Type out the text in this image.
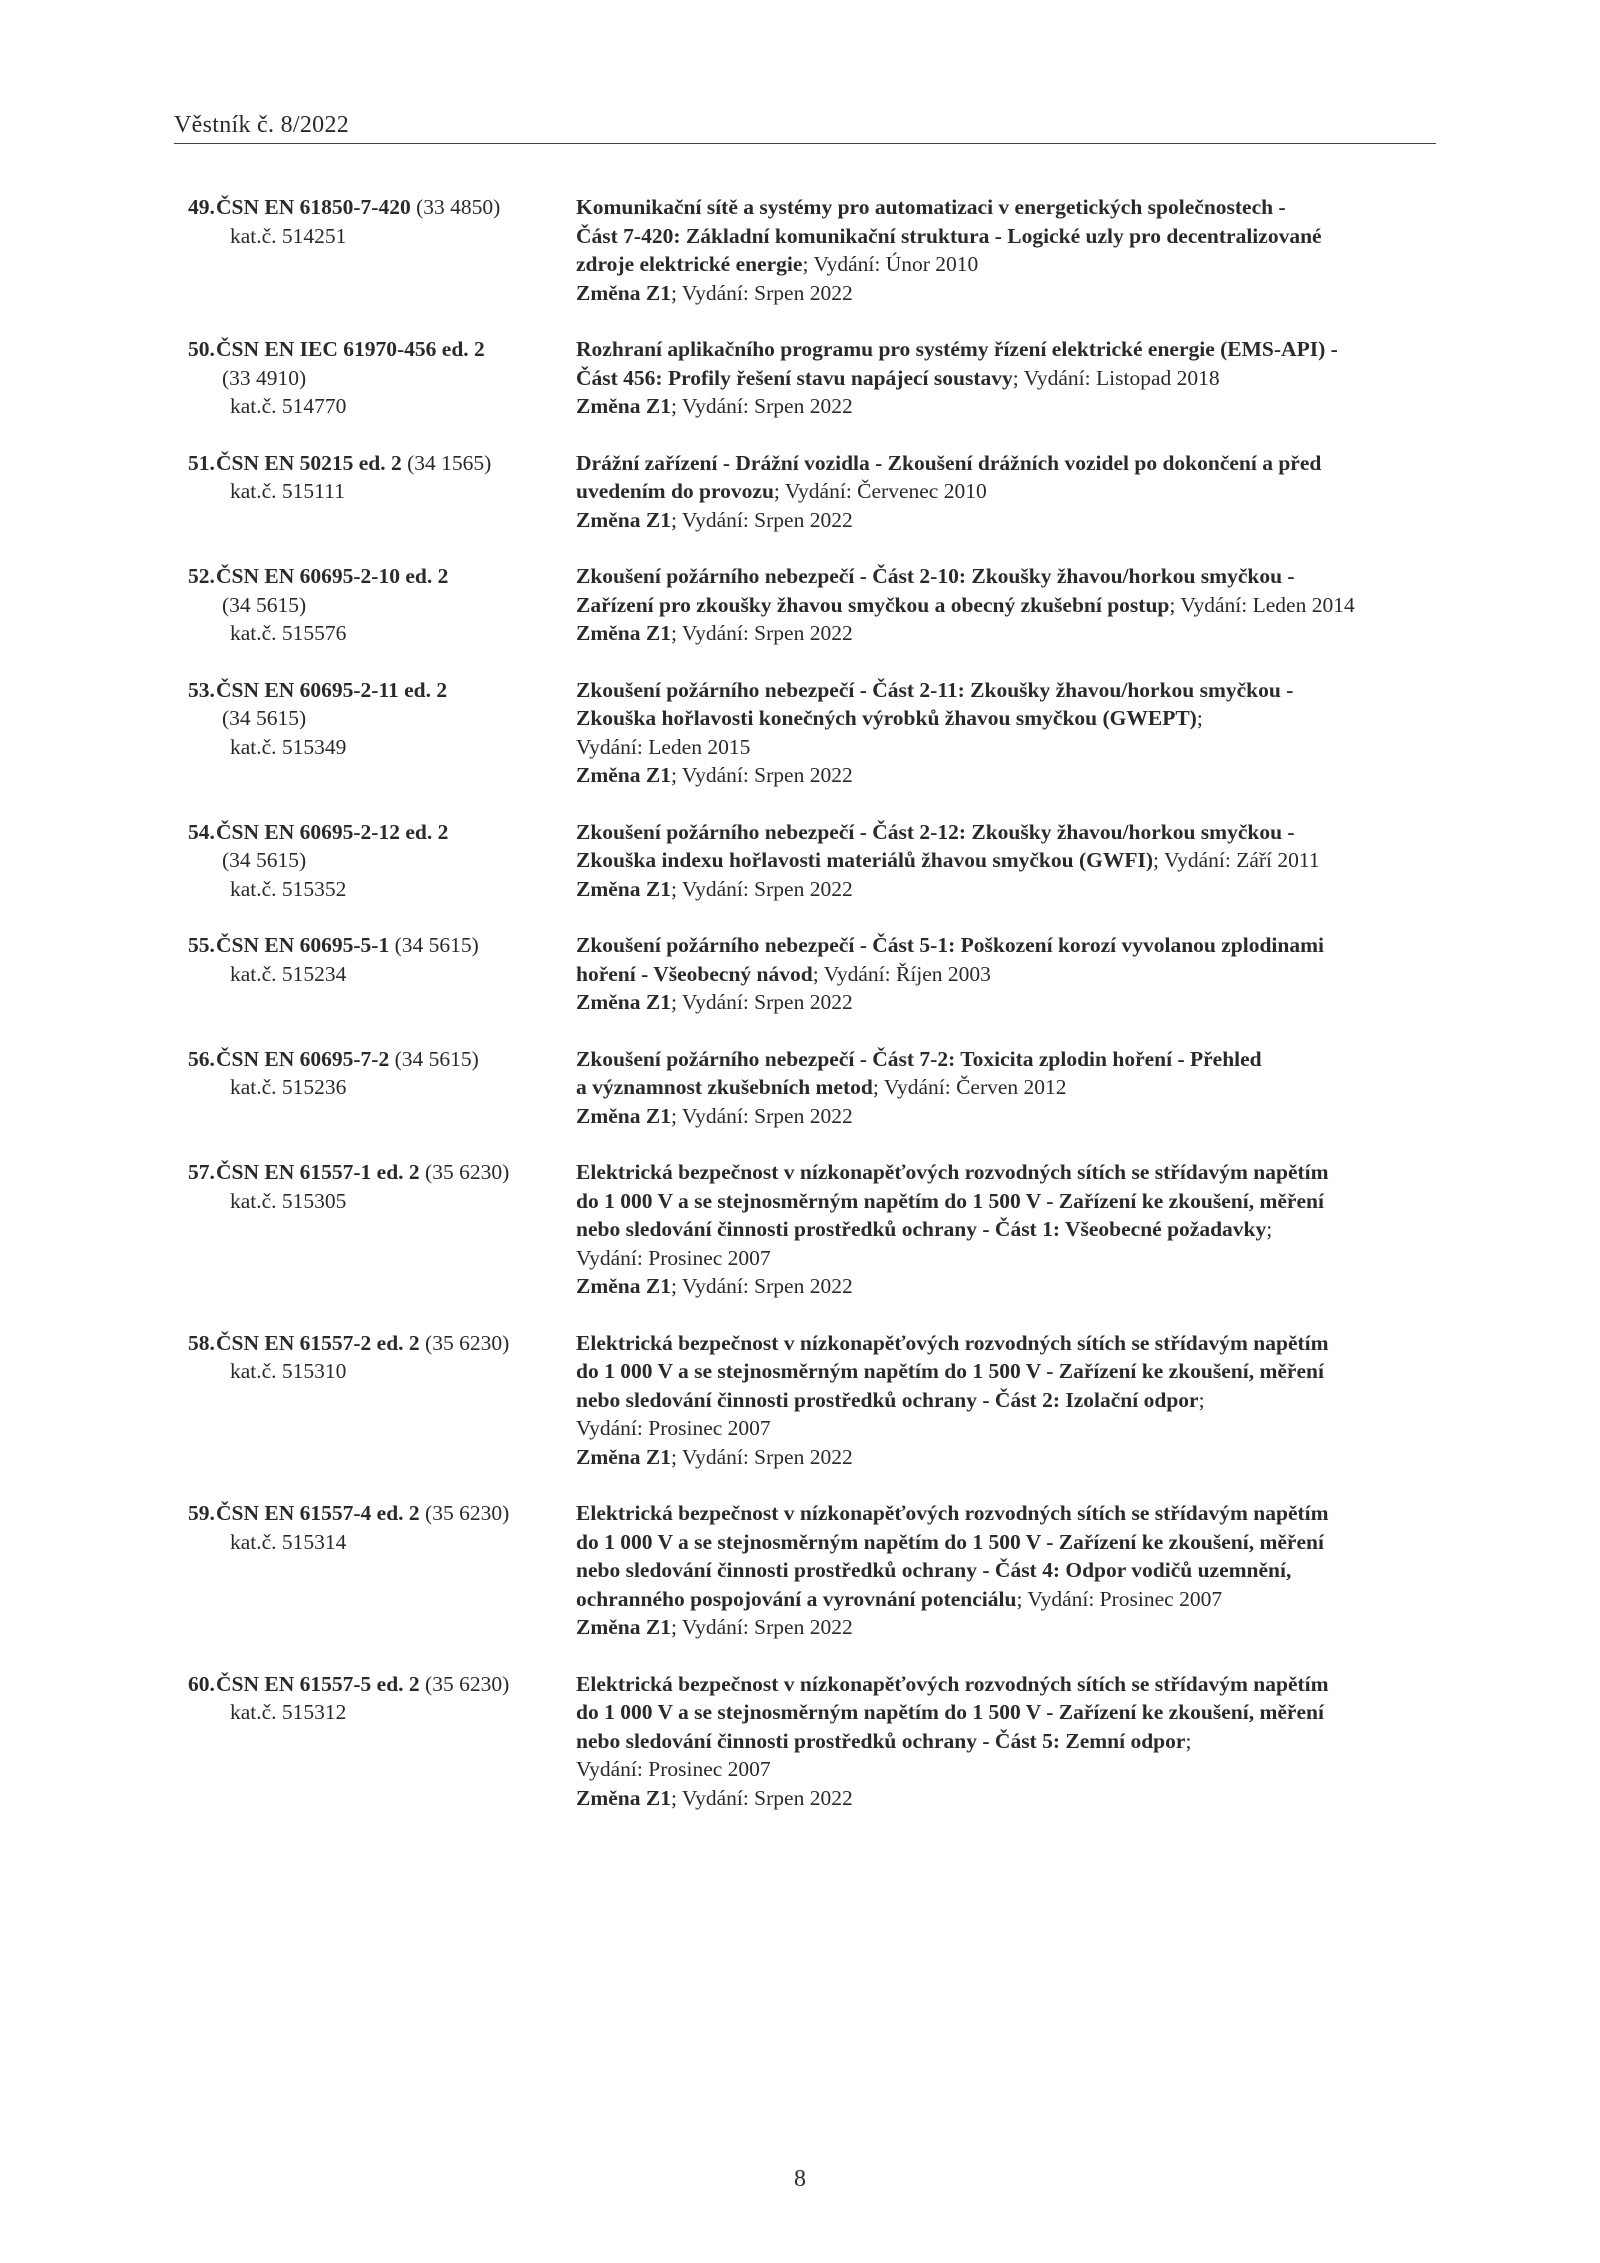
Věstník č. 8/2022
49. ČSN EN 61850-7-420 (33 4850)
kat.č. 514251
Komunikační sítě a systémy pro automatizaci v energetických společnostech -
Část 7-420: Základní komunikační struktura - Logické uzly pro decentralizované
zdroje elektrické energie; Vydání: Únor 2010
Změna Z1; Vydání: Srpen 2022
50. ČSN EN IEC 61970-456 ed. 2
(33 4910)
kat.č. 514770
Rozhraní aplikačního programu pro systémy řízení elektrické energie (EMS-API) -
Část 456: Profily řešení stavu napájecí soustavy; Vydání: Listopad 2018
Změna Z1; Vydání: Srpen 2022
51. ČSN EN 50215 ed. 2 (34 1565)
kat.č. 515111
Drážní zařízení - Drážní vozidla - Zkoušení drážních vozidel po dokončení a před
uvedením do provozu; Vydání: Červenec 2010
Změna Z1; Vydání: Srpen 2022
52. ČSN EN 60695-2-10 ed. 2
(34 5615)
kat.č. 515576
Zkoušení požárního nebezpečí - Část 2-10: Zkoušky žhavou/horkou smyčkou -
Zařízení pro zkoušky žhavou smyčkou a obecný zkušební postup; Vydání: Leden 2014
Změna Z1; Vydání: Srpen 2022
53. ČSN EN 60695-2-11 ed. 2
(34 5615)
kat.č. 515349
Zkoušení požárního nebezpečí - Část 2-11: Zkoušky žhavou/horkou smyčkou -
Zkouška hořlavosti konečných výrobků žhavou smyčkou (GWEPT);
Vydání: Leden 2015
Změna Z1; Vydání: Srpen 2022
54. ČSN EN 60695-2-12 ed. 2
(34 5615)
kat.č. 515352
Zkoušení požárního nebezpečí - Část 2-12: Zkoušky žhavou/horkou smyčkou -
Zkouška indexu hořlavosti materiálů žhavou smyčkou (GWFI); Vydání: Září 2011
Změna Z1; Vydání: Srpen 2022
55. ČSN EN 60695-5-1 (34 5615)
kat.č. 515234
Zkoušení požárního nebezpečí - Část 5-1: Poškození korozí vyvolanou zplodinami
hoření - Všeobecný návod; Vydání: Říjen 2003
Změna Z1; Vydání: Srpen 2022
56. ČSN EN 60695-7-2 (34 5615)
kat.č. 515236
Zkoušení požárního nebezpečí - Část 7-2: Toxicita zplodin hoření - Přehled
a významnost zkušebních metod; Vydání: Červen 2012
Změna Z1; Vydání: Srpen 2022
57. ČSN EN 61557-1 ed. 2 (35 6230)
kat.č. 515305
Elektrická bezpečnost v nízkonapěťových rozvodných sítích se střídavým napětím
do 1 000 V a se stejnosměrným napětím do 1 500 V - Zařízení ke zkoušení, měření
nebo sledování činnosti prostředků ochrany - Část 1: Všeobecné požadavky;
Vydání: Prosinec 2007
Změna Z1; Vydání: Srpen 2022
58. ČSN EN 61557-2 ed. 2 (35 6230)
kat.č. 515310
Elektrická bezpečnost v nízkonapěťových rozvodných sítích se střídavým napětím
do 1 000 V a se stejnosměrným napětím do 1 500 V - Zařízení ke zkoušení, měření
nebo sledování činnosti prostředků ochrany - Část 2: Izolační odpor;
Vydání: Prosinec 2007
Změna Z1; Vydání: Srpen 2022
59. ČSN EN 61557-4 ed. 2 (35 6230)
kat.č. 515314
Elektrická bezpečnost v nízkonapěťových rozvodných sítích se střídavým napětím
do 1 000 V a se stejnosměrným napětím do 1 500 V - Zařízení ke zkoušení, měření
nebo sledování činnosti prostředků ochrany - Část 4: Odpor vodičů uzemnění,
ochranného pospojování a vyrovnání potenciálu; Vydání: Prosinec 2007
Změna Z1; Vydání: Srpen 2022
60. ČSN EN 61557-5 ed. 2 (35 6230)
kat.č. 515312
Elektrická bezpečnost v nízkonapěťových rozvodných sítích se střídavým napětím
do 1 000 V a se stejnosměrným napětím do 1 500 V - Zařízení ke zkoušení, měření
nebo sledování činnosti prostředků ochrany - Část 5: Zemní odpor;
Vydání: Prosinec 2007
Změna Z1; Vydání: Srpen 2022
8
